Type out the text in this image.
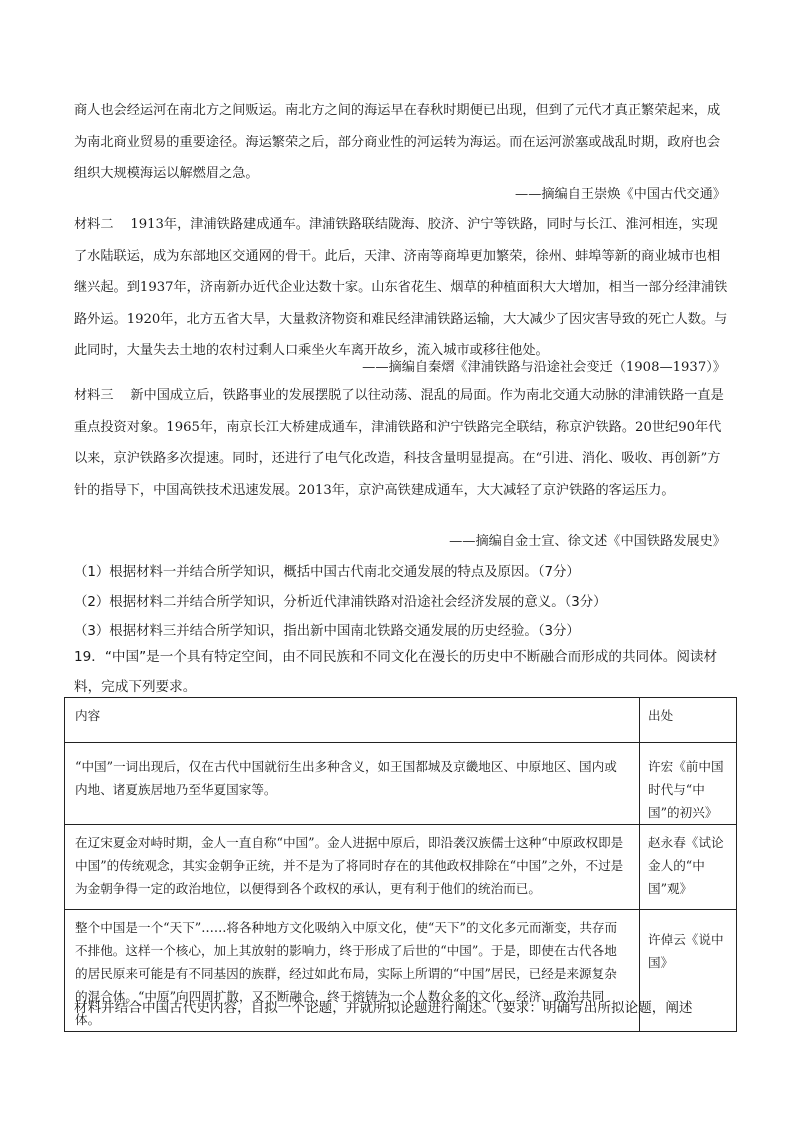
商人也会经运河在南北方之间贩运。南北方之间的海运早在春秋时期便已出现，但到了元代才真正繁荣起来，成为南北商业贸易的重要途径。海运繁荣之后，部分商业性的河运转为海运。而在运河淤塞或战乱时期，政府也会组织大规模海运以解燃眉之急。
——摘编自王崇焕《中国古代交通》
材料二 1913年，津浦铁路建成通车。津浦铁路联结陇海、胶济、沪宁等铁路，同时与长江、淮河相连，实现了水陆联运，成为东部地区交通网的骨干。此后，天津、济南等商埠更加繁荣，徐州、蚌埠等新的商业城市也相继兴起。到1937年，济南新办近代企业达数十家。山东省花生、烟草的种植面积大大增加，相当一部分经津浦铁路外运。1920年，北方五省大旱，大量救济物资和难民经津浦铁路运输，大大减少了因灾害导致的死亡人数。与此同时，大量失去土地的农村过剩人口乘坐火车离开故乡，流入城市或移往他处。
——摘编自秦熠《津浦铁路与沿途社会变迁（1908—1937）》
材料三 新中国成立后，铁路事业的发展摆脱了以往动荡、混乱的局面。作为南北交通大动脉的津浦铁路一直是重点投资对象。1965年，南京长江大桥建成通车，津浦铁路和沪宁铁路完全联结，称京沪铁路。20世纪90年代以来，京沪铁路多次提速。同时，还进行了电气化改造，科技含量明显提高。在“引进、消化、吸收、再创新”方针的指导下，中国高铁技术迅速发展。2013年，京沪高铁建成通车，大大减轻了京沪铁路的客运压力。
——摘编自金士宣、徐文述《中国铁路发展史》
（1）根据材料一并结合所学知识，概括中国古代南北交通发展的特点及原因。（7分）
（2）根据材料二并结合所学知识，分析近代津浦铁路对沿途社会经济发展的意义。（3分）
（3）根据材料三并结合所学知识，指出新中国南北铁路交通发展的历史经验。（3分）
19．“中国”是一个具有特定空间，由不同民族和不同文化在漫长的历史中不断融合而形成的共同体。阅读材料，完成下列要求。
内容	出处
“中国”一词出现后，仅在古代中国就衍生出多种含义，如王国都城及京畿地区、中原地区、国内或内地、诸夏族居地乃至华夏国家等。	许宏《前中国时代与“中国”的初兴》
在辽宋夏金对峙时期，金人一直自称“中国”。金人进据中原后，即沿袭汉族儒士这种“中原政权即是中国”的传统观念，其实金朝争正统，并不是为了将同时存在的其他政权排除在“中国”之外，不过是为金朝争得一定的政治地位，以便得到各个政权的承认，更有利于他们的统治而已。	赵永春《试论金人的“中国”观》
整个中国是一个“天下”……将各种地方文化吸纳入中原文化，使“天下”的文化多元而渐变，共存而不排他。这样一个核心，加上其放射的影响力，终于形成了后世的“中国”。于是，即使在古代各地的居民原来可能是有不同基因的族群，经过如此布局，实际上所谓的“中国”居民，已经是来源复杂的混合体。“中原”向四周扩散，又不断融合，终于熔铸为一个人数众多的文化、经济、政治共同体。	许倬云《说中国》
材料并结合中国古代史内容，自拟一个论题，并就所拟论题进行阐述。（要求：明确写出所拟论题，阐述
